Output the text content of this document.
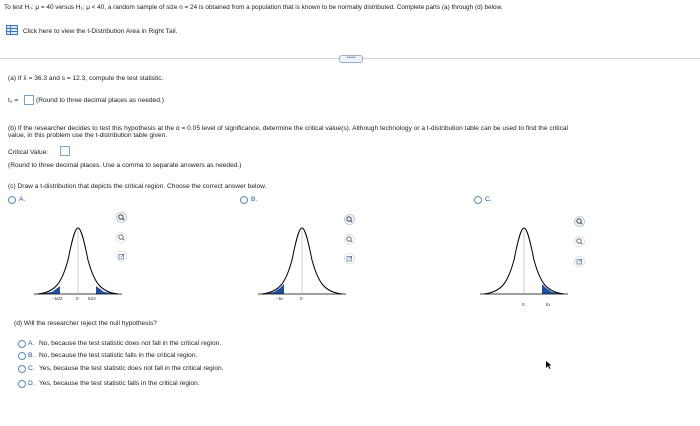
To test H₀: μ = 40 versus H₁: μ < 40, a random sample of size n = 24 is obtained from a population that is known to be normally distributed. Complete parts (a) through (d) below.
Click here to view the t-Distribution Area in Right Tail.
•••••
(a) If x̄ = 36.3 and s = 12.3, compute the test statistic.
t₀ =	(Round to three decimal places as needed.)
(b) If the researcher decides to test this hypothesis at the α = 0.05 level of significance, determine the critical value(s). Although technology or a t-distribution table can be used to find the critical
value, in this problem use the t-distribution table given.
Critical Value:
(Round to three decimal places. Use a comma to separate answers as needed.)
(c) Draw a t-distribution that depicts the critical region. Choose the correct answer below.
A.	B.	C.
−tα/2	0 tα/2	−tα	0
0	tα
(d) Will the researcher reject the null hypothesis?
A. No, because the test statistic does not fall in the critical region.
B. No, because the test statistic falls in the critical region.
C. Yes, because the test statistic does not fall in the critical region.
D. Yes, because the test statistic falls in the critical region.
